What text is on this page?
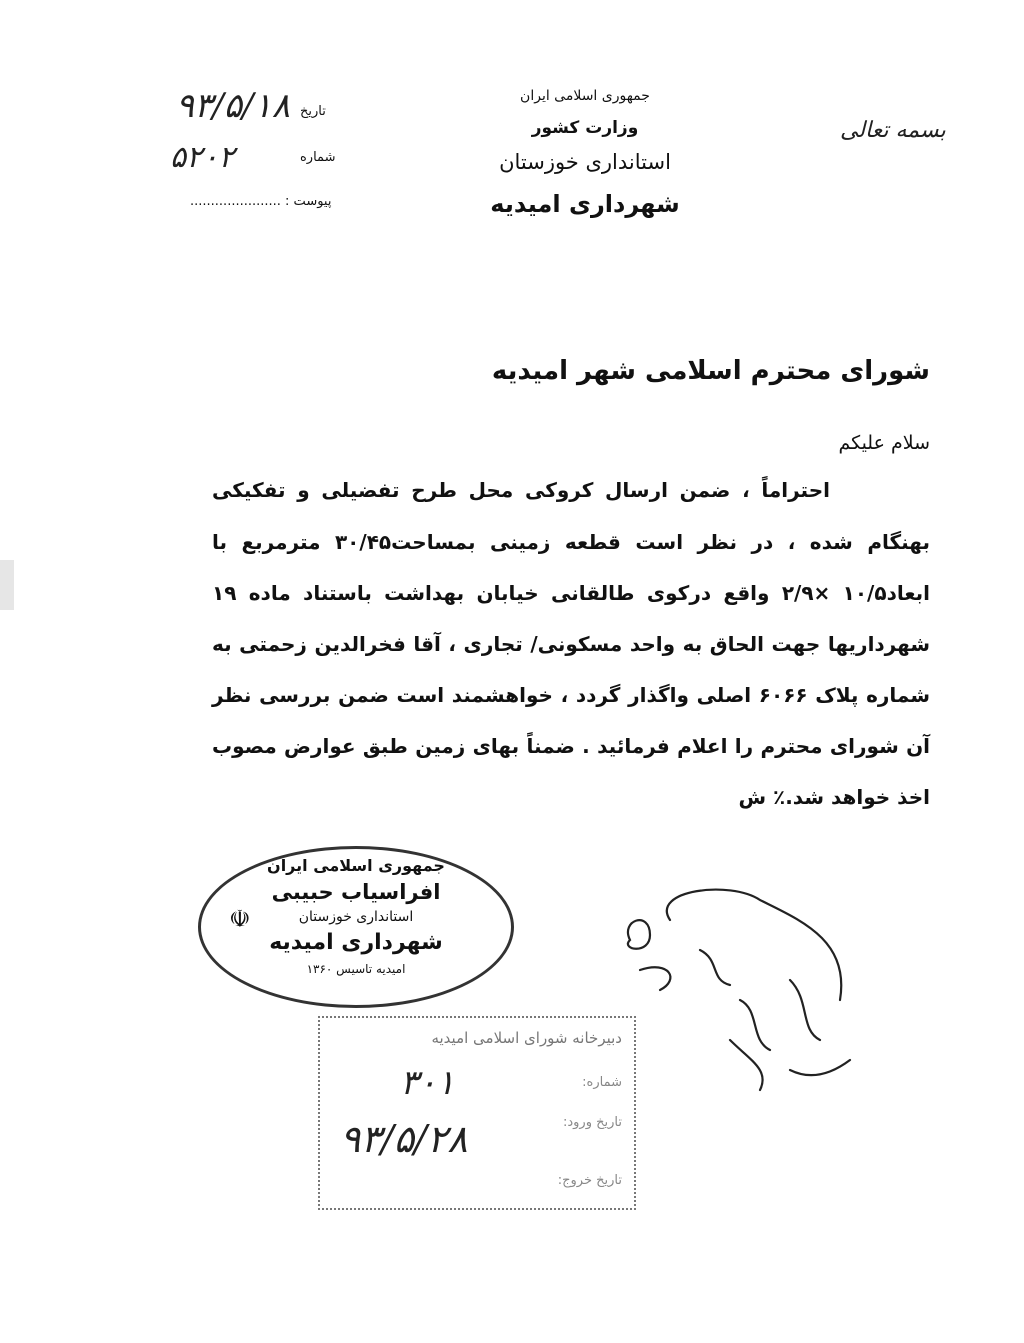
بسمه تعالی
جمهوری اسلامی ایران
وزارت کشور
استانداری خوزستان
شهرداری امیدیه
تاریخ
۹۳/۵/۱۸
شماره
۵۲۰۲
پیوست : ......................
شورای محترم اسلامی شهر امیدیه
سلام علیکم
احتراماً ، ضمن ارسال کروکی محل طرح تفضیلی و تفکیکی
بهنگام شده ، در نظر است قطعه زمینی بمساحت۳۰/۴۵ مترمربع با
ابعاد۱۰/۵ ×۲/۹ واقع درکوی طالقانی خیابان بهداشت باستناد ماده ۱۹
شهرداریها جهت الحاق به واحد مسکونی/ تجاری ، آقا فخرالدین زحمتی به
شماره پلاک ۶۰۶۶ اصلی واگذار گردد ، خواهشمند است ضمن بررسی نظر
آن شورای محترم را اعلام فرمائید . ضمناً بهای زمین طبق عوارض مصوب
اخذ خواهد شد.٪ ش
جمهوری اسلامی ایران
☫
افراسیاب حبیبی
استانداری خوزستان
شهرداری امیدیه
امیدیه تاسیس ۱۳۶۰
دبیرخانه شورای اسلامی امیدیه
شماره:
۳۰۱
تاریخ ورود:
۹۳/۵/۲۸
تاریخ خروج:
